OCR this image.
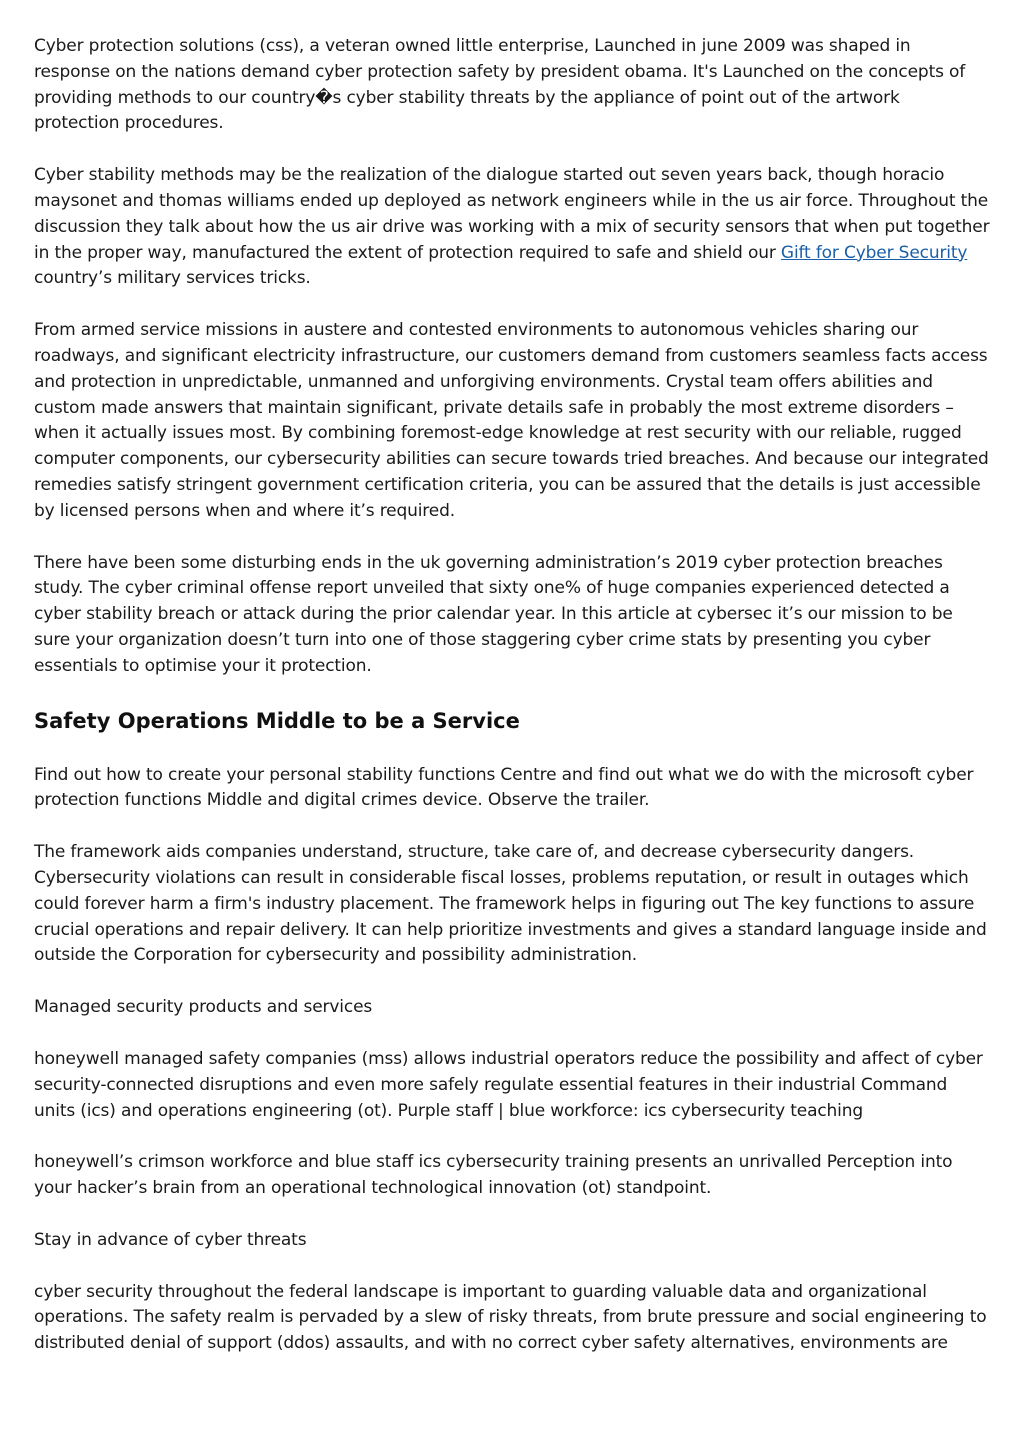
Cyber protection solutions (css), a veteran owned little enterprise, Launched in june 2009 was shaped in response on the nations demand cyber protection safety by president obama. It's Launched on the concepts of providing methods to our country�s cyber stability threats by the appliance of point out of the artwork protection procedures.

Cyber stability methods may be the realization of the dialogue started out seven years back, though horacio maysonet and thomas williams ended up deployed as network engineers while in the us air force. Throughout the discussion they talk about how the us air drive was working with a mix of security sensors that when put together in the proper way, manufactured the extent of protection required to safe and shield our Gift for Cyber Security country’s military services tricks.

From armed service missions in austere and contested environments to autonomous vehicles sharing our roadways, and significant electricity infrastructure, our customers demand from customers seamless facts access and protection in unpredictable, unmanned and unforgiving environments. Crystal team offers abilities and custom made answers that maintain significant, private details safe in probably the most extreme disorders – when it actually issues most. By combining foremost-edge knowledge at rest security with our reliable, rugged computer components, our cybersecurity abilities can secure towards tried breaches. And because our integrated remedies satisfy stringent government certification criteria, you can be assured that the details is just accessible by licensed persons when and where it’s required.

There have been some disturbing ends in the uk governing administration’s 2019 cyber protection breaches study. The cyber criminal offense report unveiled that sixty one% of huge companies experienced detected a cyber stability breach or attack during the prior calendar year. In this article at cybersec it’s our mission to be sure your organization doesn’t turn into one of those staggering cyber crime stats by presenting you cyber essentials to optimise your it protection.

Safety Operations Middle to be a Service

Find out how to create your personal stability functions Centre and find out what we do with the microsoft cyber protection functions Middle and digital crimes device. Observe the trailer.

The framework aids companies understand, structure, take care of, and decrease cybersecurity dangers. Cybersecurity violations can result in considerable fiscal losses, problems reputation, or result in outages which could forever harm a firm's industry placement. The framework helps in figuring out The key functions to assure crucial operations and repair delivery. It can help prioritize investments and gives a standard language inside and outside the Corporation for cybersecurity and possibility administration.

Managed security products and services

honeywell managed safety companies (mss) allows industrial operators reduce the possibility and affect of cyber security-connected disruptions and even more safely regulate essential features in their industrial Command units (ics) and operations engineering (ot). Purple staff | blue workforce: ics cybersecurity teaching

honeywell’s crimson workforce and blue staff ics cybersecurity training presents an unrivalled Perception into your hacker’s brain from an operational technological innovation (ot) standpoint.

Stay in advance of cyber threats

cyber security throughout the federal landscape is important to guarding valuable data and organizational operations. The safety realm is pervaded by a slew of risky threats, from brute pressure and social engineering to distributed denial of support (ddos) assaults, and with no correct cyber safety alternatives, environments are
